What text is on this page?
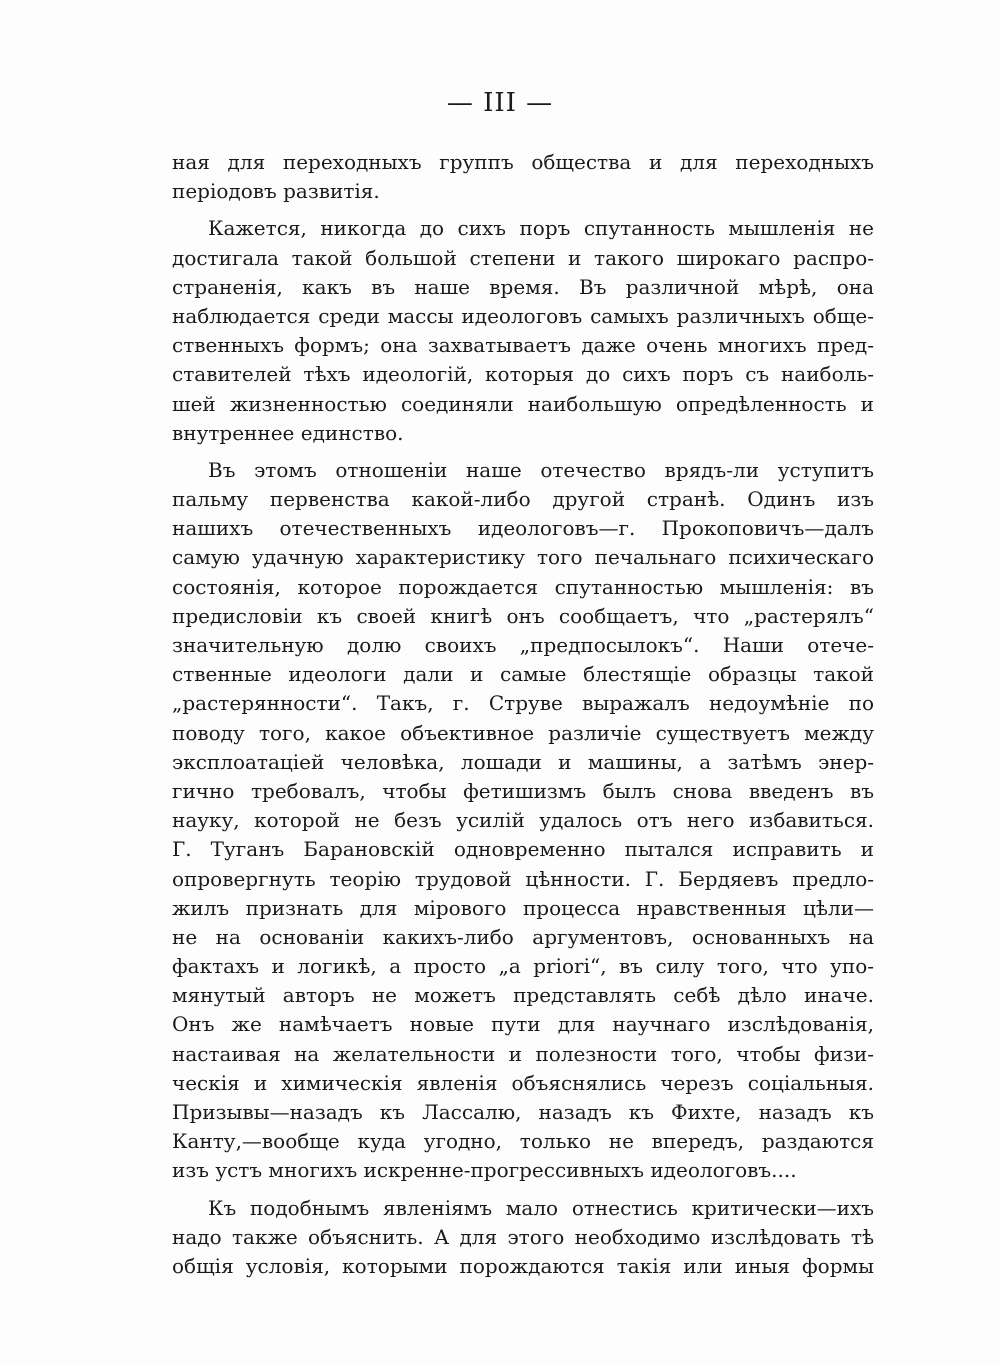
— III —
ная для переходныхъ группъ общества и для переходныхъ
періодовъ развитія.
Кажется, никогда до сихъ поръ спутанность мышленія не
достигала такой большой степени и такого широкаго распро-
страненія, какъ въ наше время. Въ различной мѣрѣ, она
наблюдается среди массы идеологовъ самыхъ различныхъ обще-
ственныхъ формъ; она захватываетъ даже очень многихъ пред-
ставителей тѣхъ идеологій, которыя до сихъ поръ съ наиболь-
шей жизненностью соединяли наибольшую опредѣленность и
внутреннее единство.
Въ этомъ отношеніи наше отечество врядъ-ли уступитъ
пальму первенства какой-либо другой странѣ. Одинъ изъ
нашихъ отечественныхъ идеологовъ—г. Прокоповичъ—далъ
самую удачную характеристику того печальнаго психическаго
состоянія, которое порождается спутанностью мышленія: въ
предисловіи къ своей книгѣ онъ сообщаетъ, что „растерялъ“
значительную долю своихъ „предпосылокъ“. Наши отече-
ственные идеологи дали и самые блестящіе образцы такой
„растерянности“. Такъ, г. Струве выражалъ недоумѣніе по
поводу того, какое объективное различіе существуетъ между
эксплоатаціей человѣка, лошади и машины, а затѣмъ энер-
гично требовалъ, чтобы фетишизмъ былъ снова введенъ въ
науку, которой не безъ усилій удалось отъ него избавиться.
Г. Туганъ Барановскій одновременно пытался исправить и
опровергнуть теорію трудовой цѣнности. Г. Бердяевъ предло-
жилъ признать для мірового процесса нравственныя цѣли—
не на основаніи какихъ-либо аргументовъ, основанныхъ на
фактахъ и логикѣ, а просто „a priori“, въ силу того, что упо-
мянутый авторъ не можетъ представлять себѣ дѣло иначе.
Онъ же намѣчаетъ новые пути для научнаго изслѣдованія,
настаивая на желательности и полезности того, чтобы физи-
ческія и химическія явленія объяснялись черезъ соціальныя.
Призывы—назадъ къ Лассалю, назадъ къ Фихте, назадъ къ
Канту,—вообще куда угодно, только не впередъ, раздаются
изъ устъ многихъ искренне-прогрессивныхъ идеологовъ....
Къ подобнымъ явленіямъ мало отнестись критически—ихъ
надо также объяснить. А для этого необходимо изслѣдовать тѣ
общія условія, которыми порождаются такія или иныя формы
